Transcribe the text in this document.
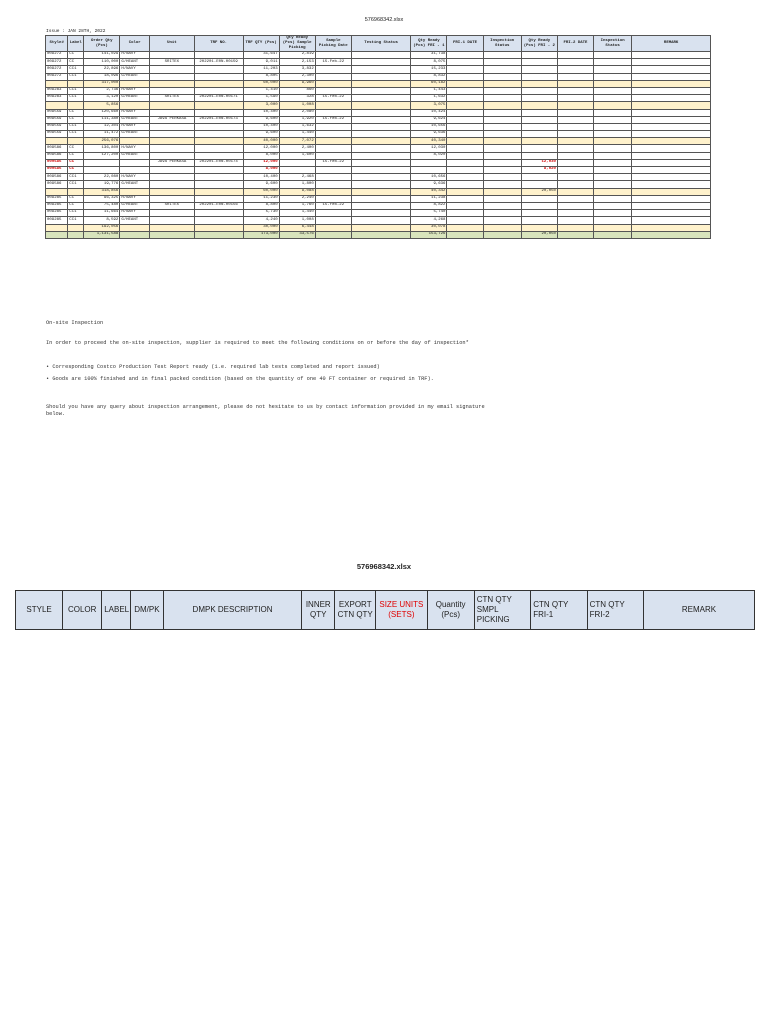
576968342.xlsx
Issue : JAN 28TH, 2022
Style#	Label	Order Qty (Pcs)	Color	Unit	TRF NO.	TRF QTY (Pcs)	Qty Ready (Pcs) Sample Picking	Sample Picking Date	Testing Status	Qty Ready (Pcs) FRI - 1	FRI-1 DATE	Inspection Status	Qty Ready (Pcs) FRI - 2	FRI-2 DATE	Inspection Status	REMARK
009272	CC	141,029	H/NAVY			31,647	2,819			31,738						
009272	CC	110,000	G/HEANT	SRITEX	202201-E0N-00159	9,011	2,153	15-Feb-22		8,075						
009272	CC1	22,896	H/NAVY			11,203	3,832			15,233						
009272	CC1	18,096	G/HEANT			8,805	2,300			8,832						
		317,000				60,000	9,960			60,182						
009283	CC1	2,736	H/NAVY			1,410	860			1,443						
009283	CC1	3,120	G/HEANT	SRITEX	202201-E0N-00171	1,590	328	15-Feb-22		1,632						
		5,856				3,000	1,008			3,075						
009559	CC	120,660	H/NAVY			10,400	2,080			10,424						
009559	CC	111,380	G/HEANT	JAVA PERKASA	202201-E0N-00173	9,600	1,920	15-Feb-22		9,624						
009559	CC1	12,304	H/NAVY			10,400	1,632			10,656						
009559	CC1	11,472	G/HEANT			9,600	1,440			9,636						
		256,076				40,000	7,072			40,340						
009586	CC	136,800	H/NAVY			12,000	2,400			12,030						
009586	CC	127,200	G/HEANT			8,000	1,600			8,020						
009586	CC			JAVA PERKASA	202201-E0N-00174	12,000		15-Feb-22					12,030			
009586	CC					8,000							8,020			
009586	CC1	22,080	H/NAVY			10,400	2,468			10,656						
009586	CC1	19,776	G/HEANT			9,600	1,800			9,636						
		318,856				60,000	9,088			40,342			20,050			
009285	CC	96,325	H/NAVY			11,230	2,240			11,238						
009285	CC	75,480	G/HEANT	SRITEX	202201-E0N-00156	8,800	1,760	15-Feb-22		8,822						
009285	CC1	11,664	H/NAVY			5,730	1,440			5,740						
009285	CC1	8,592	G/HEANT			4,240	1,008			4,268						
		192,056				30,000	6,448			30,078						
		1,131,588				173,000	33,576			153,726			20,050			
On-site Inspection
In order to proceed the on-site inspection, supplier is required to meet the following conditions on or before the day of inspection*
• Corresponding Costco Production Test Report ready (i.e. required lab tests completed and report issued)
• Goods are 100% finished and in final packed condition (based on the quantity of one 40 FT container or required in TRF).
Should you have any query about inspection arrangement, please do not hesitate to us by contact information provided in my email signature below.
576968342.xlsx
STYLE	COLOR	LABEL	DM/PK	DMPK DESCRIPTION	INNER QTY	EXPORT CTN QTY	SIZE UNITS (SETS)	Quantity (Pcs)	CTN QTY SMPL PICKING	CTN QTY FRI-1	CTN QTY FRI-2	REMARK
